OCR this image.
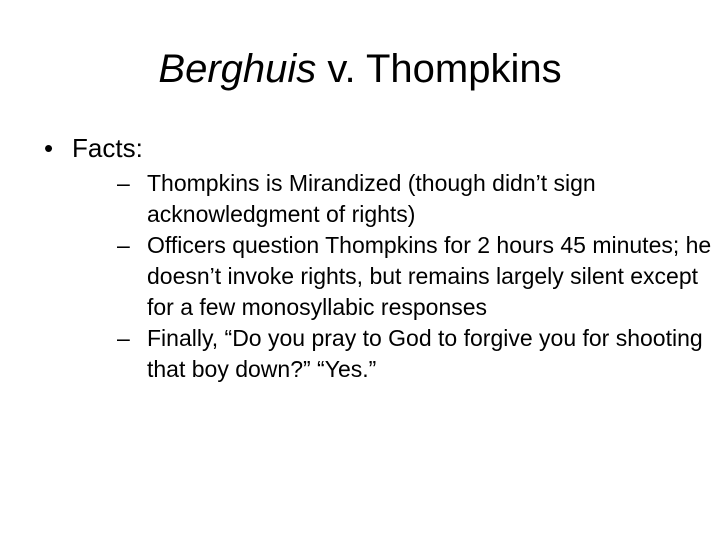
Berghuis v. Thompkins
• Facts:
– Thompkins is Mirandized (though didn’t sign acknowledgment of rights)
– Officers question Thompkins for 2 hours 45 minutes; he doesn’t invoke rights, but remains largely silent except for a few monosyllabic responses
– Finally, “Do you pray to God to forgive you for shooting that boy down?” “Yes.”
